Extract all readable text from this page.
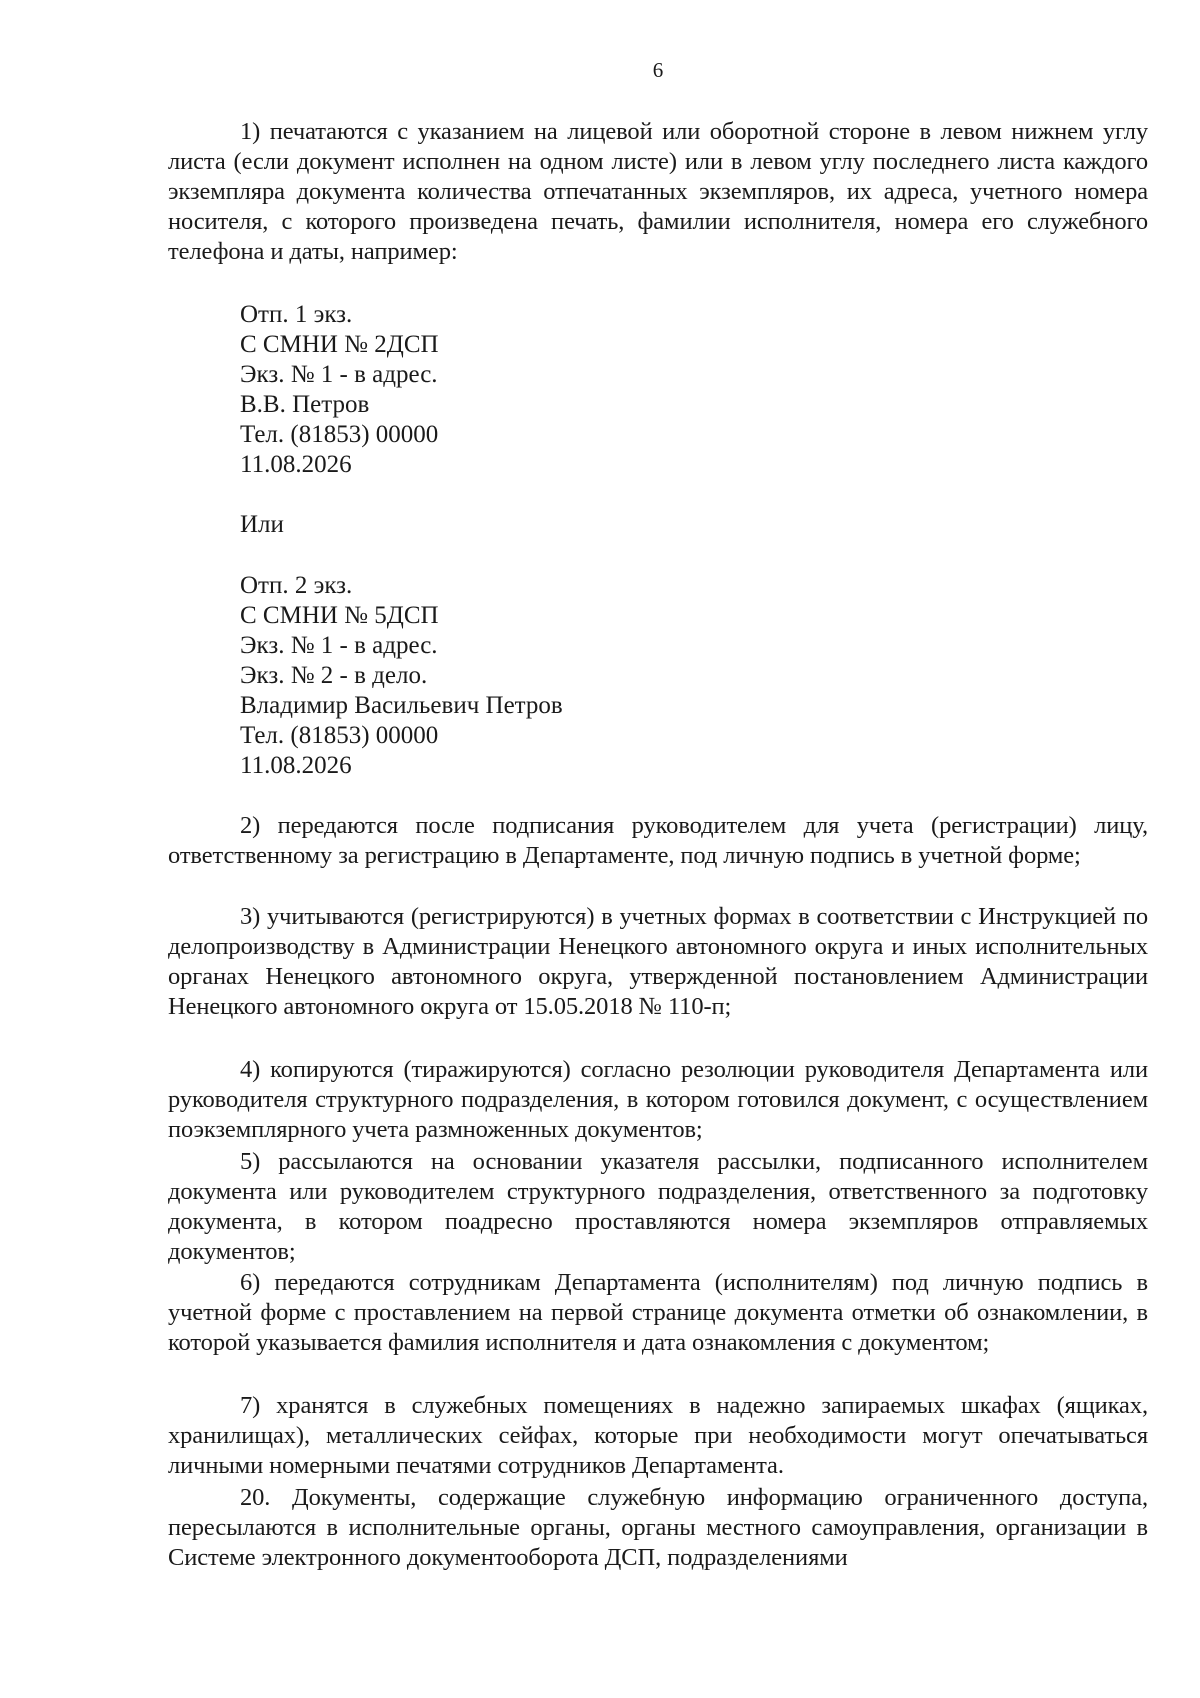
6

1) печатаются с указанием на лицевой или оборотной стороне в левом нижнем углу листа (если документ исполнен на одном листе) или в левом углу последнего листа каждого экземпляра документа количества отпечатанных экземпляров, их адреса, учетного номера носителя, с которого произведена печать, фамилии исполнителя, номера его служебного телефона и даты, например:

Отп. 1 экз.
С СМНИ № 2ДСП
Экз. № 1 - в адрес.
В.В. Петров
Тел. (81853) 00000
11.08.2026
Или
Отп. 2 экз.
С СМНИ № 5ДСП
Экз. № 1 - в адрес.
Экз. № 2 - в дело.
Владимир Васильевич Петров
Тел. (81853) 00000
11.08.2026

2) передаются после подписания руководителем для учета (регистрации) лицу, ответственному за регистрацию в Департаменте, под личную подпись в учетной форме;

3) учитываются (регистрируются) в учетных формах в соответствии с Инструкцией по делопроизводству в Администрации Ненецкого автономного округа и иных исполнительных органах Ненецкого автономного округа, утвержденной постановлением Администрации Ненецкого автономного округа от 15.05.2018 № 110-п;

4) копируются (тиражируются) согласно резолюции руководителя Департамента или руководителя структурного подразделения, в котором готовился документ, с осуществлением поэкземплярного учета размноженных документов;

5) рассылаются на основании указателя рассылки, подписанного исполнителем документа или руководителем структурного подразделения, ответственного за подготовку документа, в котором поадресно проставляются номера экземпляров отправляемых документов;

6) передаются сотрудникам Департамента (исполнителям) под личную подпись в учетной форме с проставлением на первой странице документа отметки об ознакомлении, в которой указывается фамилия исполнителя и дата ознакомления с документом;

7) хранятся в служебных помещениях в надежно запираемых шкафах (ящиках, хранилищах), металлических сейфах, которые при необходимости могут опечатываться личными номерными печатями сотрудников Департамента.

20. Документы, содержащие служебную информацию ограниченного доступа, пересылаются в исполнительные органы, органы местного самоуправления, организации в Системе электронного документооборота ДСП, подразделениями
